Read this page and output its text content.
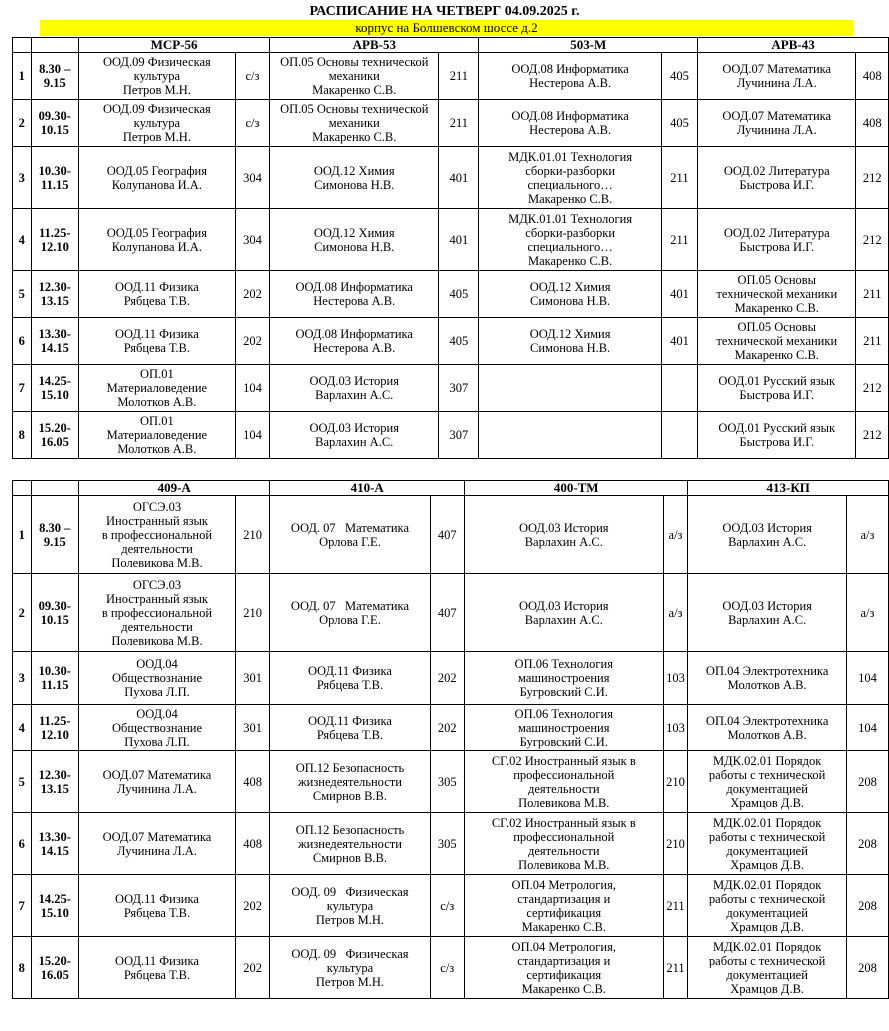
РАСПИСАНИЕ НА ЧЕТВЕРГ 04.09.2025 г.
корпус на Болшевском шоссе д.2
		МСР-56		АРВ-53		503-М		АРВ-43	
1	8.30 –
9.15	ООД.09 Физическая
культура
Петров М.Н.	с/з	ОП.05 Основы технической
механики
Макаренко С.В.	211	ООД.08 Информатика
Нестерова А.В.	405	ООД.07 Математика
Лучинина Л.А.	408
2	09.30-
10.15	ООД.09 Физическая
культура
Петров М.Н.	с/з	ОП.05 Основы технической
механики
Макаренко С.В.	211	ООД.08 Информатика
Нестерова А.В.	405	ООД.07 Математика
Лучинина Л.А.	408
3	10.30-
11.15	ООД.05 География
Колупанова И.А.	304	ООД.12 Химия
Симонова Н.В.	401	МДК.01.01 Технология
сборки-разборки
специального…
Макаренко С.В.	211	ООД.02 Литература
Быстрова И.Г.	212
4	11.25-
12.10	ООД.05 География
Колупанова И.А.	304	ООД.12 Химия
Симонова Н.В.	401	МДК.01.01 Технология
сборки-разборки
специального…
Макаренко С.В.	211	ООД.02 Литература
Быстрова И.Г.	212
5	12.30-
13.15	ООД.11 Физика
Рябцева Т.В.	202	ООД.08 Информатика
Нестерова А.В.	405	ООД.12 Химия
Симонова Н.В.	401	ОП.05 Основы
технической механики
Макаренко С.В.	211
6	13.30-
14.15	ООД.11 Физика
Рябцева Т.В.	202	ООД.08 Информатика
Нестерова А.В.	405	ООД.12 Химия
Симонова Н.В.	401	ОП.05 Основы
технической механики
Макаренко С.В.	211
7	14.25-
15.10	ОП.01
Материаловедение
Молотков А.В.	104	ООД.03 История
Варлахин А.С.	307			ООД.01 Русский язык
Быстрова И.Г.	212
8	15.20-
16.05	ОП.01
Материаловедение
Молотков А.В.	104	ООД.03 История
Варлахин А.С.	307			ООД.01 Русский язык
Быстрова И.Г.	212
		409-А		410-А		400-ТМ		413-КП	
1	8.30 –
9.15	ОГСЭ.03
Иностранный язык
в профессиональной
деятельности
Полевикова М.В.	210	ООД. 07   Математика
Орлова Г.Е.	407	ООД.03 История
Варлахин А.С.	а/з	ООД.03 История
Варлахин А.С.	а/з
2	09.30-
10.15	ОГСЭ.03
Иностранный язык
в профессиональной
деятельности
Полевикова М.В.	210	ООД. 07   Математика
Орлова Г.Е.	407	ООД.03 История
Варлахин А.С.	а/з	ООД.03 История
Варлахин А.С.	а/з
3	10.30-
11.15	ООД.04
Обществознание
Пухова Л.П.	301	ООД.11 Физика
Рябцева Т.В.	202	ОП.06 Технология
машиностроения
Бугровский С.И.	103	ОП.04 Электротехника
Молотков А.В.	104
4	11.25-
12.10	ООД.04
Обществознание
Пухова Л.П.	301	ООД.11 Физика
Рябцева Т.В.	202	ОП.06 Технология
машиностроения
Бугровский С.И.	103	ОП.04 Электротехника
Молотков А.В.	104
5	12.30-
13.15	ООД.07 Математика
Лучинина Л.А.	408	ОП.12 Безопасность
жизнедеятельности
Смирнов В.В.	305	СГ.02 Иностранный язык в
профессиональной
деятельности
Полевикова М.В.	210	МДК.02.01 Порядок
работы с технической
документацией
Храмцов Д.В.	208
6	13.30-
14.15	ООД.07 Математика
Лучинина Л.А.	408	ОП.12 Безопасность
жизнедеятельности
Смирнов В.В.	305	СГ.02 Иностранный язык в
профессиональной
деятельности
Полевикова М.В.	210	МДК.02.01 Порядок
работы с технической
документацией
Храмцов Д.В.	208
7	14.25-
15.10	ООД.11 Физика
Рябцева Т.В.	202	ООД. 09   Физическая
культура
Петров М.Н.	с/з	ОП.04 Метрология,
стандартизация и
сертификация
Макаренко С.В.	211	МДК.02.01 Порядок
работы с технической
документацией
Храмцов Д.В.	208
8	15.20-
16.05	ООД.11 Физика
Рябцева Т.В.	202	ООД. 09   Физическая
культура
Петров М.Н.	с/з	ОП.04 Метрология,
стандартизация и
сертификация
Макаренко С.В.	211	МДК.02.01 Порядок
работы с технической
документацией
Храмцов Д.В.	208
